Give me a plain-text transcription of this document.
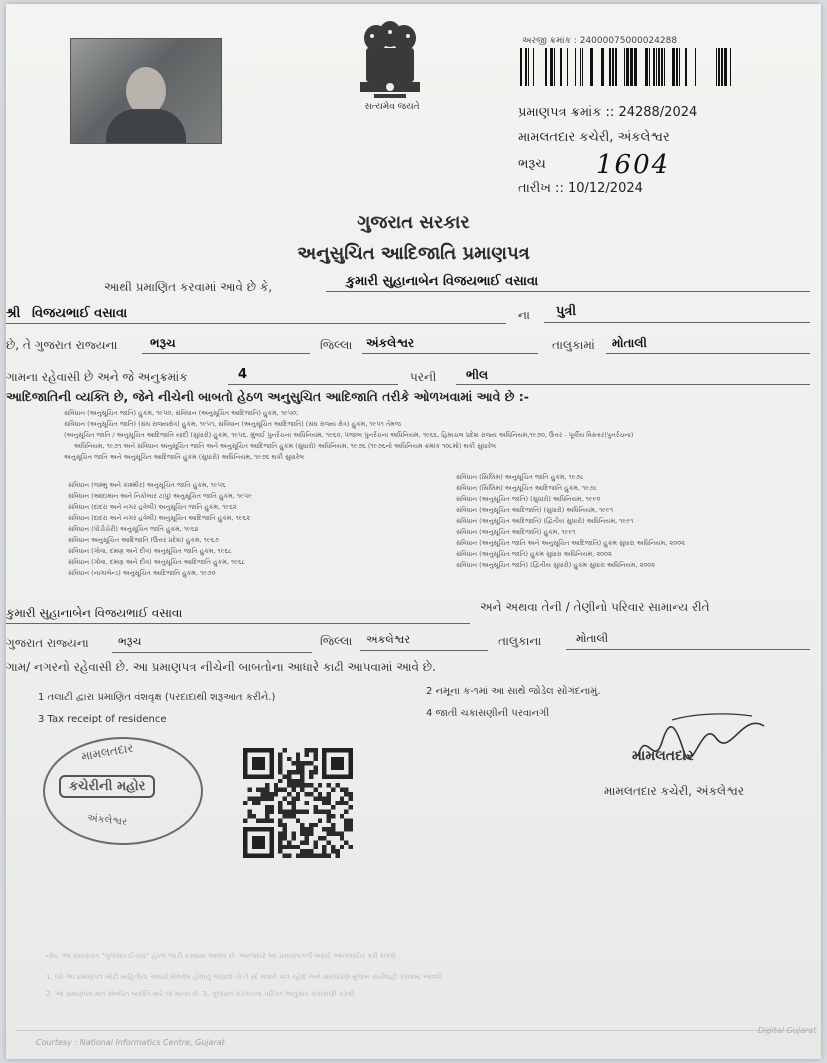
સત્યમેવ જયતે
અરજી ક્રમાંક : 24000075000024288
પ્રમાણપત્ર ક્રમાંક :: 24288/2024
મામલતદાર કચેરી, અંકલેશ્વર
ભરૂચ 1604
તારીખ :: 10/12/2024
ગુજરાત સરકાર
અનુસુચિત આદિજાતિ પ્રમાણપત્ર
આથી પ્રમાણિત કરવામાં આવે છે કે,	કુમારી સુહાનાબેન વિજયભાઈ વસાવા
શ્રી વિજયભાઈ વસાવા	ના પુત્રી
છે, તે ગુજરાત રાજ્યના	ભરૂચ	જિલ્લા અંકલેશ્વર	તાલુકામાં મોતાલી
ગામના રહેવાસી છે અને જે અનુક્રમાંક	4	પરની ભીલ
આદિજાતિની વ્યક્તિ છે, જેને નીચેની બાબતો હેઠળ અનુસુચિત આદિજાતિ તરીકે ઓળખવામાં આવે છે :-
સંવિધાન (અનુસૂચિત જાતિ) હુકમ, ૧૯૫૦, સંવિધાન (અનુસૂચિત આદિજાતિ) હુકમ, ૧૯૫૦;
સંવિધાન (અનુસૂચિત જાતિ) (સંઘ રાજ્યક્ષેત્ર) હુકમ, ૧૯૫૧, સંવિધાન (અનુસૂચિત આદિજાતિ) (સંઘ રાજ્ય ક્ષેત્ર) હુકમ, ૧૯૫૧ તેમજ
(અનુસૂચિત જાતિ / અનુસૂચિત આદિજાતિ યાદી (સુધારો) હુકમ, ૧૯૫૬, મુંબઈ પુનર્રચના અધિનિયમ, ૧૯૬૦, પંજાબ પુનર્રચના અધિનિયમ, ૧૯૬૬, હિમાચલ પ્રદેશ રાજ્ય અધિનિયમ,૧૯૭૦, ઉત્તર - પૂર્વીય વિસ્તાર(પુનર્રચના)
અધિનિયમ, ૧૯૭૧ અને સંવિધાન અનુસૂચિત જાતિ અને અનુસૂચિત આદિજાતિ હુકમ (સુધારો) અધિનિયમ, ૧૯૭૬ (૧૯૭૬નો અધિનિયમ ક્રમાંક ૧૦૮મો) થકી સુધારેલ
અનુસૂચિત જાતિ અને અનુસૂચિત આદિજાતિ હુકમ (સુધારો) અધિનિયમ, ૧૯૭૬ થકી સુધારેલ
સંવિધાન (જમ્મુ અને કાશ્મીર) અનુસૂચિત જાતિ હુકમ, ૧૯૫૬
સંવિધાન (આંદામાન અને નિકોબાર ટાપુ) અનુસૂચિત જાતિ હુકમ, ૧૯૫૯
સંવિધાન (દાદરા અને નગર હવેલી) અનુસૂચિત જાતિ હુકમ, ૧૯૬૨
સંવિધાન (દાદરા અને નગર હવેલી) અનુસૂચિત આદિજાતિ હુકમ, ૧૯૬૨
સંવિધાન (પોંડીચેરી) અનુસૂચિત જાતિ હુકમ, ૧૯૬૪
સંવિધાન અનુસૂચિત આદિજાતિ (ઉત્તર પ્રદેશ) હુકમ, ૧૯૬૭
સંવિધાન (ગોવા, દમણ અને દીવ) અનુસૂચિત જાતિ હુકમ, ૧૯૬૮
સંવિધાન (ગોવા, દમણ અને દીવ) અનુસૂચિત આદિજાતિ હુકમ, ૧૯૬૮
સંવિધાન (નાગાલેન્ડ) અનુસૂચિત આદિજાતિ હુકમ, ૧૯૭૦
સંવિધાન (સિક્કિમ) અનુસૂચિત જાતિ હુકમ, ૧૯૭૮
સંવિધાન (સિક્કિમ) અનુસૂચિત આદિજાતિ હુકમ, ૧૯૭૮
સંવિધાન (અનુસૂચિત જાતિ) (સુધારો) અધિનિયમ, ૧૯૯૦
સંવિધાન (અનુસૂચિત આદિજાતિ) (સુધારો) અધિનિયમ, ૧૯૯૧
સંવિધાન (અનુસૂચિત આદિજાતિ) (દ્વિતીય સુધારો) અધિનિયમ, ૧૯૯૧
સંવિધાન (અનુસૂચિત આદિજાતિ) હુકમ, ૧૯૯૧
સંવિધાન (અનુસૂચિત જાતિ અને અનુસૂચિત આદિજાતિ) હુકમ સુધારા અધિનિયમ, ૨૦૦૨
સંવિધાન (અનુસૂચિત જાતિ) હુકમ સુધારા અધિનિયમ, ૨૦૦૨
સંવિધાન (અનુસૂચિત જાતિ) (દ્વિતીય સુધારો) હુકમ સુધારા અધિનિયમ, ૨૦૦૨
કુમારી સુહાનાબેન વિજયભાઈ વસાવા	અને અથવા તેની / તેણીનો પરિવાર સામાન્ય રીતે
ગુજરાત રાજ્યના	ભરૂચ	જિલ્લા અંકલેશ્વર	તાલુકાના	મોતાલી
ગામ/ નગરનો રહેવાસી છે. આ પ્રમાણપત્ર નીચેની બાબતોના આધારે કાઢી આપવામાં આવે છે.
1 તલાટી દ્વારા પ્રમાણિત વંશવૃક્ષ (પરદાદાથી શરૂઆત કરીને.)
2 નમૂના ક-૧માં આ સાથે જોડેલ સોગંદનામું.
3 Tax receipt of residence
4 જાતી ચકાસણીની પરવાનગી
મામલતદાર
કચેરીની મહોર
અંકલેશ્વર
મામલતદાર
મામલતદાર કચેરી, અંકલેશ્વર
નોંધ: આ પ્રમાણપત્ર "ગુજરાત ઈ-ધરા" હેઠળ જારી કરવામાં આવેલ છે. અરજદારે આ પ્રમાણપત્રની ખરાઈ ઓનલાઈન કરી શકશે.
1. જો આ પ્રમાણપત્ર ખોટી માહિતીના આધારે મેળવેલ હોવાનું જણાશે તો તે રદ થવાને પાત્ર રહેશે અને ધારાધોરણ મુજબ કાર્યવાહી કરવામાં આવશે.
2. આ પ્રમાણપત્ર માત્ર સંબંધિત વ્યક્તિ માટે જ માન્ય છે. 3. ગુજરાત સરકારના પરિપત્ર અનુસાર ચકાસણી કરવી.
Courtesy : National Informatics Centre, Gujarat
Digital Gujarat
